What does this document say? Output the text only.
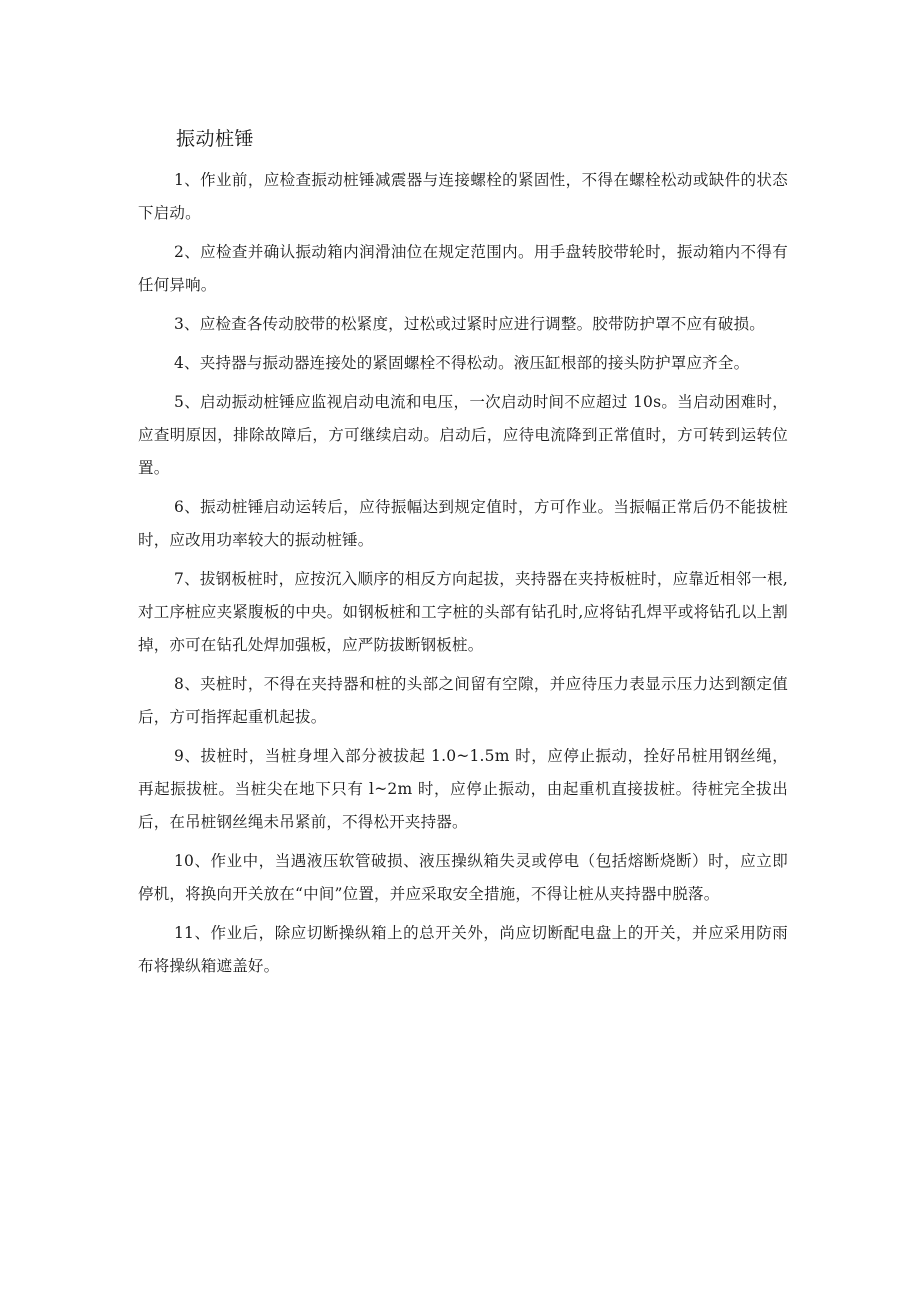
振动桩锤

1、作业前，应检查振动桩锤减震器与连接螺栓的紧固性，不得在螺栓松动或缺件的状态下启动。

2、应检查并确认振动箱内润滑油位在规定范围内。用手盘转胶带轮时，振动箱内不得有任何异响。

3、应检查各传动胶带的松紧度，过松或过紧时应进行调整。胶带防护罩不应有破损。

4、夹持器与振动器连接处的紧固螺栓不得松动。液压缸根部的接头防护罩应齐全。

5、启动振动桩锤应监视启动电流和电压，一次启动时间不应超过 10s。当启动困难时，应查明原因，排除故障后，方可继续启动。启动后，应待电流降到正常值时，方可转到运转位置。

6、振动桩锤启动运转后，应待振幅达到规定值时，方可作业。当振幅正常后仍不能拔桩时，应改用功率较大的振动桩锤。

7、拔钢板桩时，应按沉入顺序的相反方向起拔，夹持器在夹持板桩时，应靠近相邻一根,对工序桩应夹紧腹板的中央。如钢板桩和工字桩的头部有钻孔时,应将钻孔焊平或将钻孔以上割掉，亦可在钻孔处焊加强板，应严防拔断钢板桩。

8、夹桩时，不得在夹持器和桩的头部之间留有空隙，并应待压力表显示压力达到额定值后，方可指挥起重机起拔。

9、拔桩时，当桩身埋入部分被拔起 1.0~1.5m 时，应停止振动，拴好吊桩用钢丝绳，再起振拔桩。当桩尖在地下只有 l~2m 时，应停止振动，由起重机直接拔桩。待桩完全拔出后，在吊桩钢丝绳未吊紧前，不得松开夹持器。

10、作业中，当遇液压软管破损、液压操纵箱失灵或停电（包括熔断烧断）时，应立即停机，将换向开关放在“中间”位置，并应采取安全措施，不得让桩从夹持器中脱落。

11、作业后，除应切断操纵箱上的总开关外，尚应切断配电盘上的开关，并应采用防雨布将操纵箱遮盖好。
